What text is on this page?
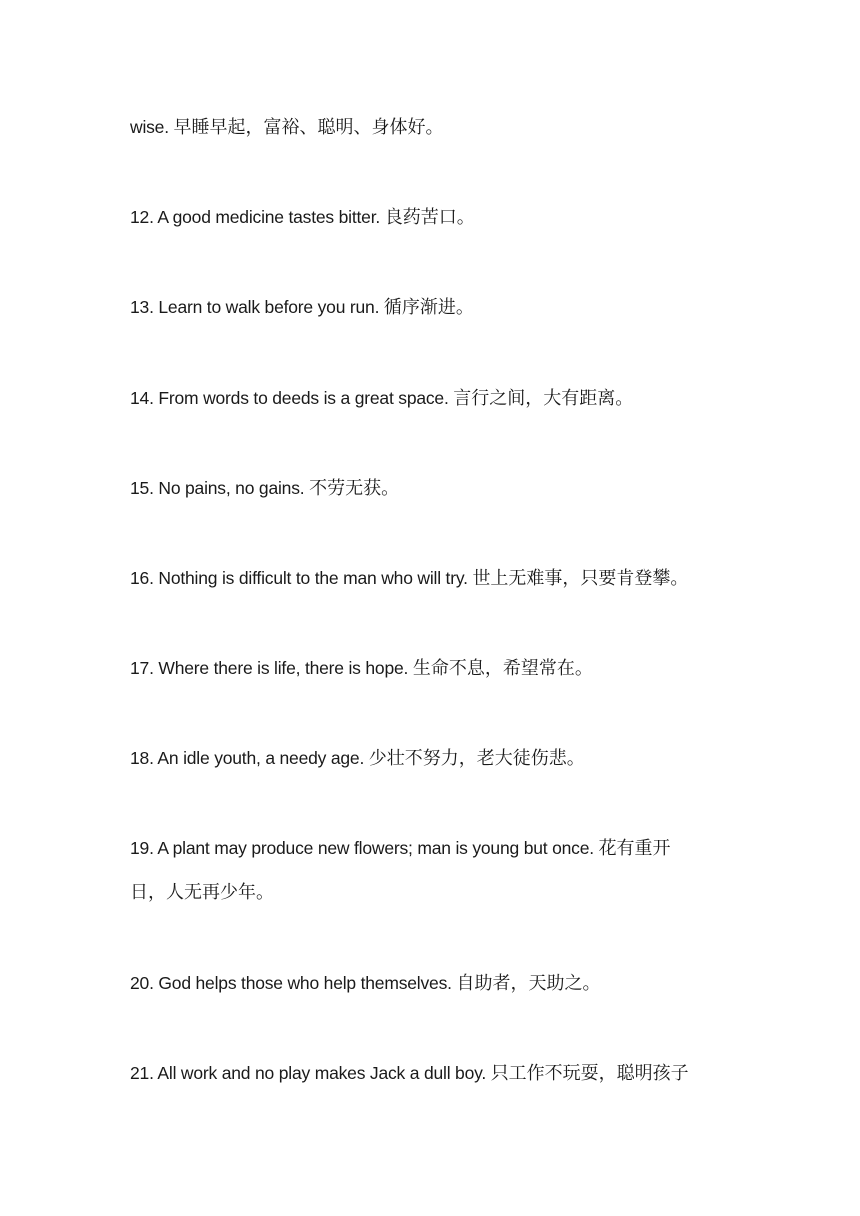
wise. 早睡早起，富裕、聪明、身体好。
12. A good medicine tastes bitter. 良药苦口。
13. Learn to walk before you run. 循序渐进。
14. From words to deeds is a great space. 言行之间，大有距离。
15. No pains, no gains. 不劳无获。
16. Nothing is difficult to the man who will try. 世上无难事，只要肯登攀。
17. Where there is life, there is hope. 生命不息，希望常在。
18. An idle youth, a needy age. 少壮不努力，老大徒伤悲。
19. A plant may produce new flowers; man is young but once. 花有重开
日，人无再少年。
20. God helps those who help themselves. 自助者，天助之。
21. All work and no play makes Jack a dull boy. 只工作不玩耍，聪明孩子
